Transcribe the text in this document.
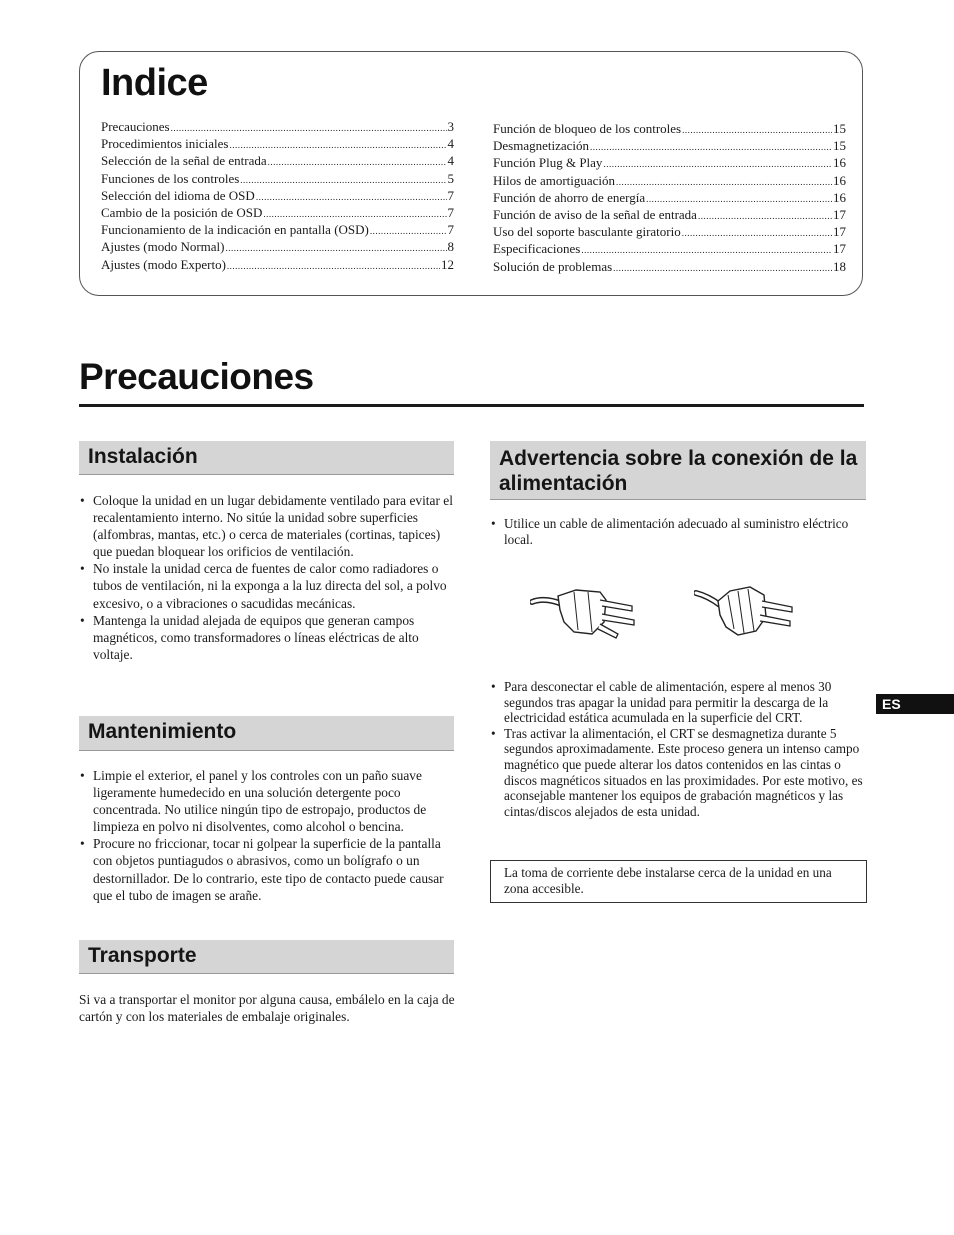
Indice
Precauciones .....	3
Procedimientos iniciales .....	4
Selección de la señal de entrada .....	4
Funciones de los controles .....	5
Selección del idioma de OSD .....	7
Cambio de la posición de OSD .....	7
Funcionamiento de la indicación en pantalla (OSD) .....	7
Ajustes (modo Normal) .....	8
Ajustes (modo Experto) .....	12
Función de bloqueo de los controles .....	15
Desmagnetización .....	15
Función Plug & Play .....	16
Hilos de amortiguación .....	16
Función de ahorro de energía .....	16
Función de aviso de la señal de entrada .....	17
Uso del soporte basculante giratorio .....	17
Especificaciones .....	17
Solución de problemas .....	18
Precauciones
Instalación
• Coloque la unidad en un lugar debidamente ventilado para evitar el recalentamiento interno. No sitúe la unidad sobre superficies (alfombras, mantas, etc.) o cerca de materiales (cortinas, tapices) que puedan bloquear los orificios de ventilación.
• No instale la unidad cerca de fuentes de calor como radiadores o tubos de ventilación, ni la exponga a la luz directa del sol, a polvo excesivo, o a vibraciones o sacudidas mecánicas.
• Mantenga la unidad alejada de equipos que generan campos magnéticos, como transformadores o líneas eléctricas de alto voltaje.
Mantenimiento
• Limpie el exterior, el panel y los controles con un paño suave ligeramente humedecido en una solución detergente poco concentrada. No utilice ningún tipo de estropajo, productos de limpieza en polvo ni disolventes, como alcohol o bencina.
• Procure no friccionar, tocar ni golpear la superficie de la pantalla con objetos puntiagudos o abrasivos, como un bolígrafo o un destornillador. De lo contrario, este tipo de contacto puede causar que el tubo de imagen se arañe.
Transporte

Si va a transportar el monitor por alguna causa, embálelo en la caja de cartón y con los materiales de embalaje originales.

Advertencia sobre la conexión de la alimentación
• Utilice un cable de alimentación adecuado al suministro eléctrico local.
• Para desconectar el cable de alimentación, espere al menos 30 segundos tras apagar la unidad para permitir la descarga de la electricidad estática acumulada en la superficie del CRT.
• Tras activar la alimentación, el CRT se desmagnetiza durante 5 segundos aproximadamente. Este proceso genera un intenso campo magnético que puede alterar los datos contenidos en las cintas o discos magnéticos situados en las proximidades. Por este motivo, es aconsejable mantener los equipos de grabación magnéticos y las cintas/discos alejados de esta unidad.
La toma de corriente debe instalarse cerca de la unidad en una zona accesible.
ES
